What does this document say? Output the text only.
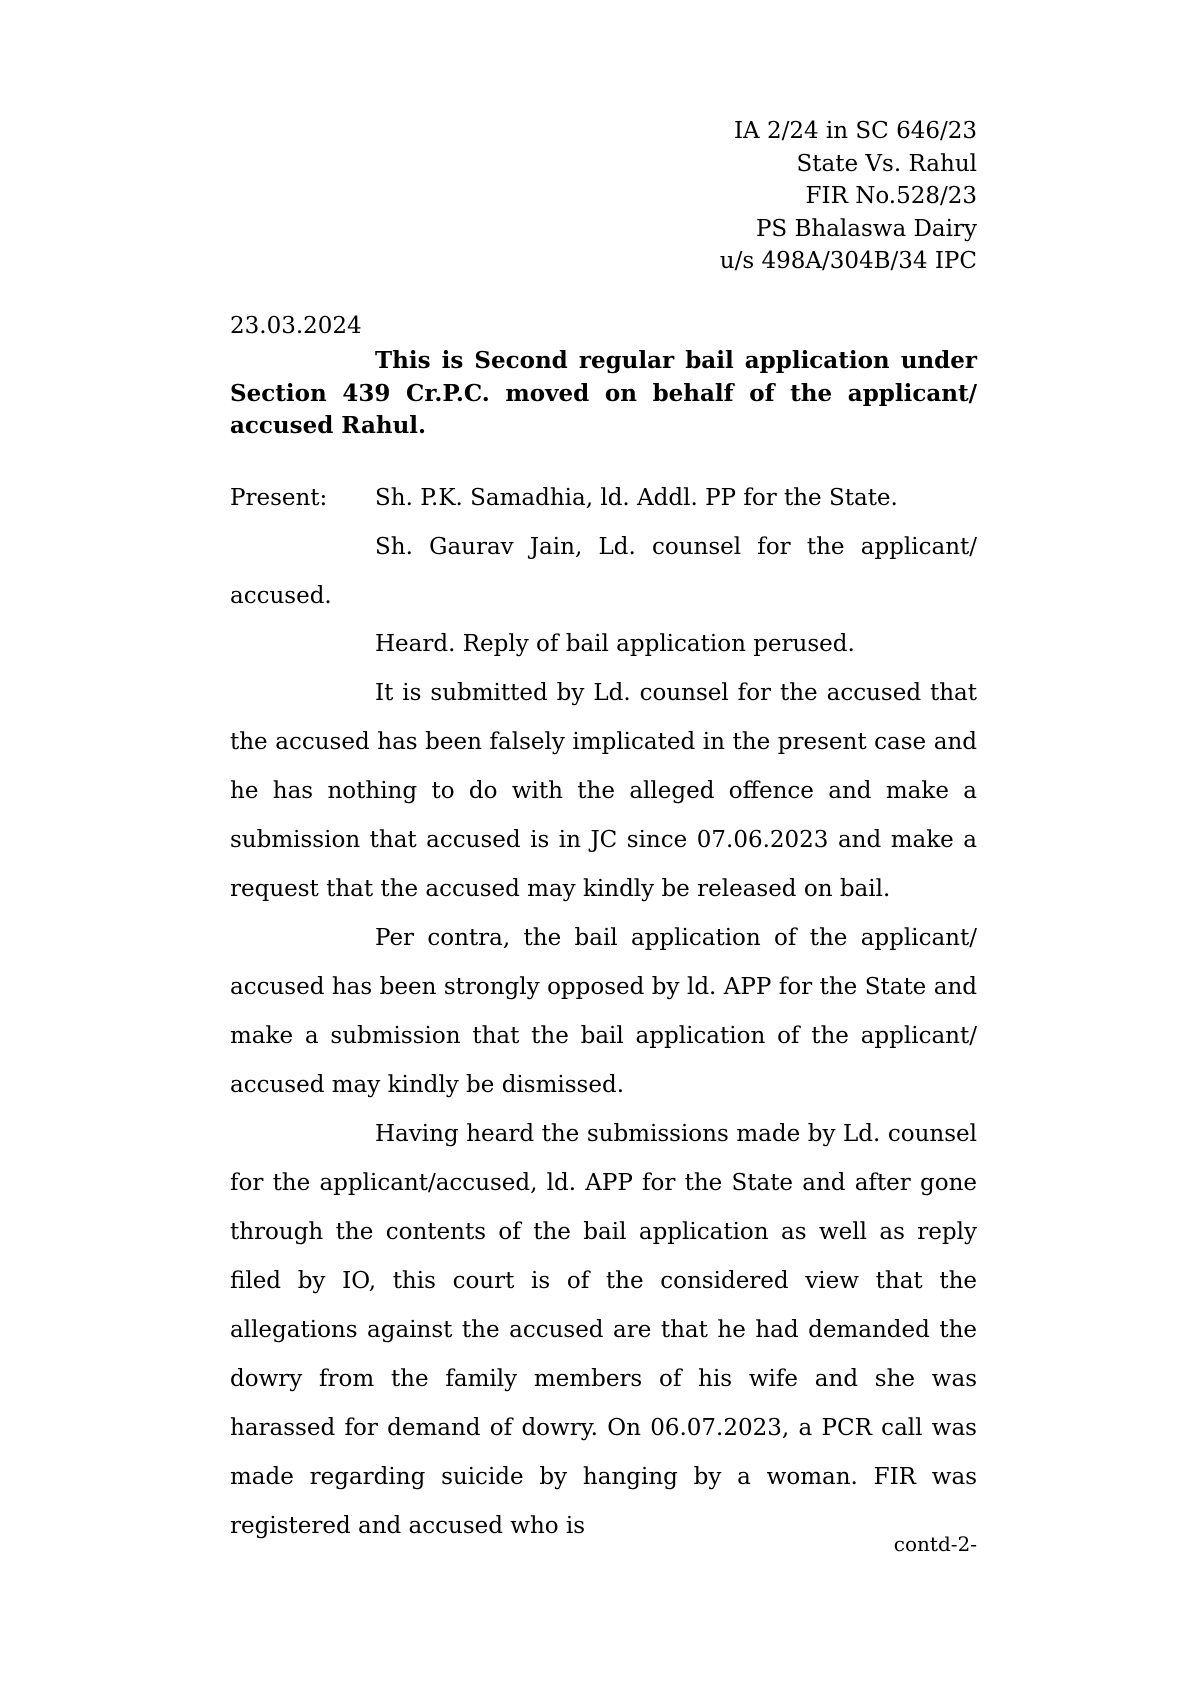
IA 2/24 in SC 646/23
State Vs. Rahul
FIR No.528/23
PS Bhalaswa Dairy
u/s 498A/304B/34 IPC
23.03.2024
This is Second regular bail application under Section 439 Cr.P.C. moved on behalf of the applicant/ accused Rahul.
Present:	Sh. P.K. Samadhia, ld. Addl. PP for the State.

Sh. Gaurav Jain, Ld. counsel for the applicant/ accused.

Heard. Reply of bail application perused.

It is submitted by Ld. counsel for the accused that the accused has been falsely implicated in the present case and he has nothing to do with the alleged offence and make a submission that accused is in JC since 07.06.2023 and make a request that the accused may kindly be released on bail.

Per contra, the bail application of the applicant/ accused has been strongly opposed by ld. APP for the State and make a submission that the bail application of the applicant/ accused may kindly be dismissed.

Having heard the submissions made by Ld. counsel for the applicant/accused, ld. APP for the State and after gone through the contents of the bail application as well as reply filed by IO, this court is of the considered view that the allegations against the accused are that he had demanded the dowry from the family members of his wife and she was harassed for demand of dowry. On 06.07.2023, a PCR call was made regarding suicide by hanging by a woman. FIR was registered and accused who is

contd-2-
